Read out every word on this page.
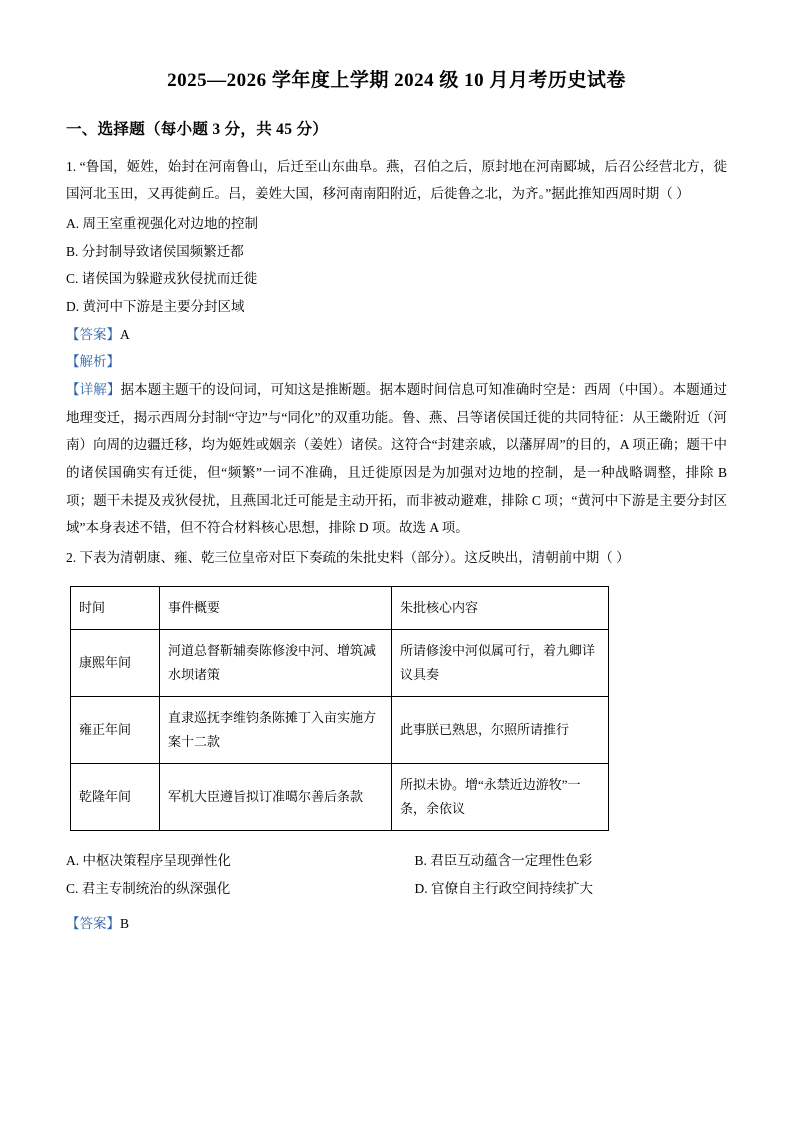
2025—2026 学年度上学期 2024 级 10 月月考历史试卷
一、选择题（每小题 3 分，共 45 分）

1. “鲁国，姬姓，始封在河南鲁山，后迁至山东曲阜。燕，召伯之后，原封地在河南郾城，后召公经营北方，徙国河北玉田，又再徙蓟丘。吕，姜姓大国，移河南南阳附近，后徙鲁之北，为齐。”据此推知西周时期（ ）

A. 周王室重视强化对边地的控制

B. 分封制导致诸侯国频繁迁都

C. 诸侯国为躲避戎狄侵扰而迁徙

D. 黄河中下游是主要分封区域

【答案】A

【解析】

【详解】据本题主题干的设问词，可知这是推断题。据本题时间信息可知准确时空是：西周（中国）。本题通过地理变迁，揭示西周分封制“守边”与“同化”的双重功能。鲁、燕、吕等诸侯国迁徙的共同特征：从王畿附近（河南）向周的边疆迁移，均为姬姓或姻亲（姜姓）诸侯。这符合“封建亲戚，以藩屏周”的目的，A 项正确；题干中的诸侯国确实有迁徙，但“频繁”一词不准确，且迁徙原因是为加强对边地的控制，是一种战略调整，排除 B 项；题干未提及戎狄侵扰，且燕国北迁可能是主动开拓，而非被动避难，排除 C 项；“黄河中下游是主要分封区域”本身表述不错，但不符合材料核心思想，排除 D 项。故选 A 项。

2. 下表为清朝康、雍、乾三位皇帝对臣下奏疏的朱批史料（部分）。这反映出，清朝前中期（ ）

时间	事件概要	朱批核心内容
康熙年间	河道总督靳辅奏陈修浚中河、增筑减水坝诸策	所请修浚中河似属可行，着九卿详议具奏
雍正年间	直隶巡抚李维钧条陈摊丁入亩实施方案十二款	此事朕已熟思，尔照所请推行
乾隆年间	军机大臣遵旨拟订准噶尔善后条款	所拟未协。增“永禁近边游牧”一条，余依议
A. 中枢决策程序呈现弹性化	B. 君臣互动蕴含一定理性色彩
C. 君主专制统治的纵深强化	D. 官僚自主行政空间持续扩大

【答案】B
